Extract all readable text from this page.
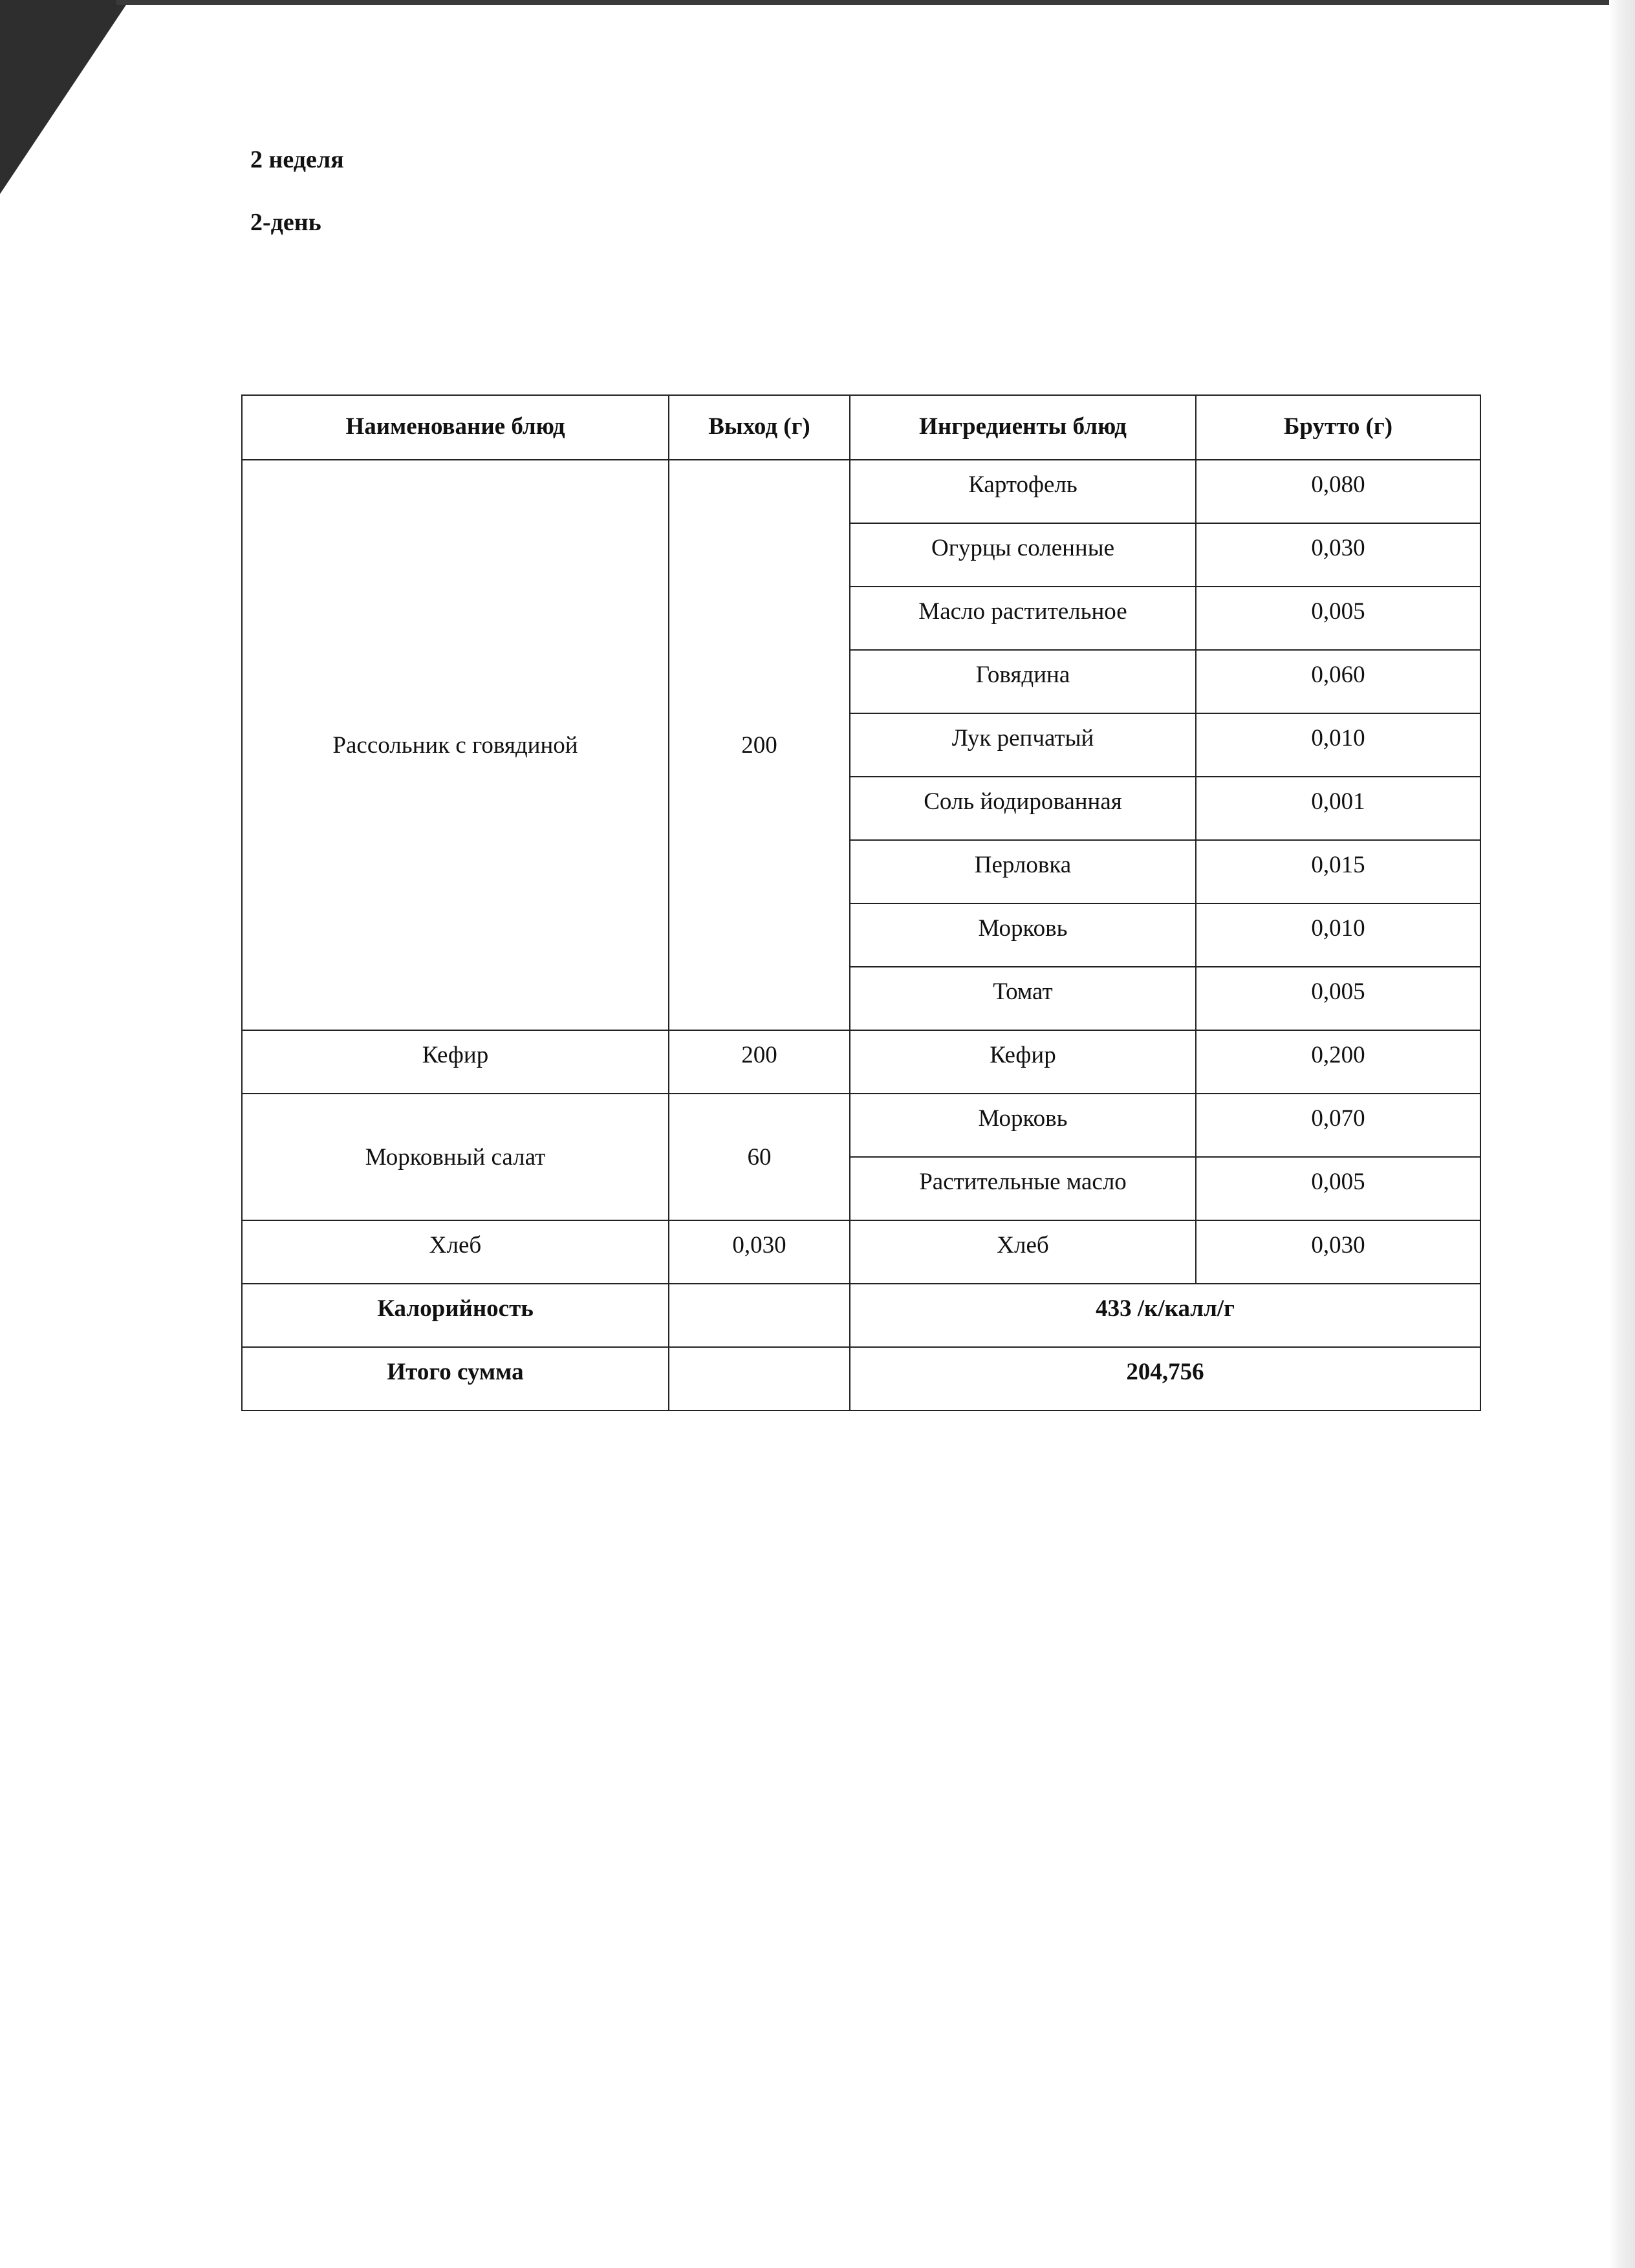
2 неделя

2-день

Наименование блюд	Выход (г)	Ингредиенты блюд	Брутто (г)
Рассольник с говядиной	200	Картофель	0,080
		Огурцы соленные	0,030
		Масло растительное	0,005
		Говядина	0,060
		Лук репчатый	0,010
		Соль йодированная	0,001
		Перловка	0,015
		Морковь	0,010
		Томат	0,005
Кефир	200	Кефир	0,200
Морковный салат	60	Морковь	0,070
		Растительные масло	0,005
Хлеб	0,030	Хлеб	0,030
Калорийность		433 /к/калл/г	
Итого сумма		204,756	
